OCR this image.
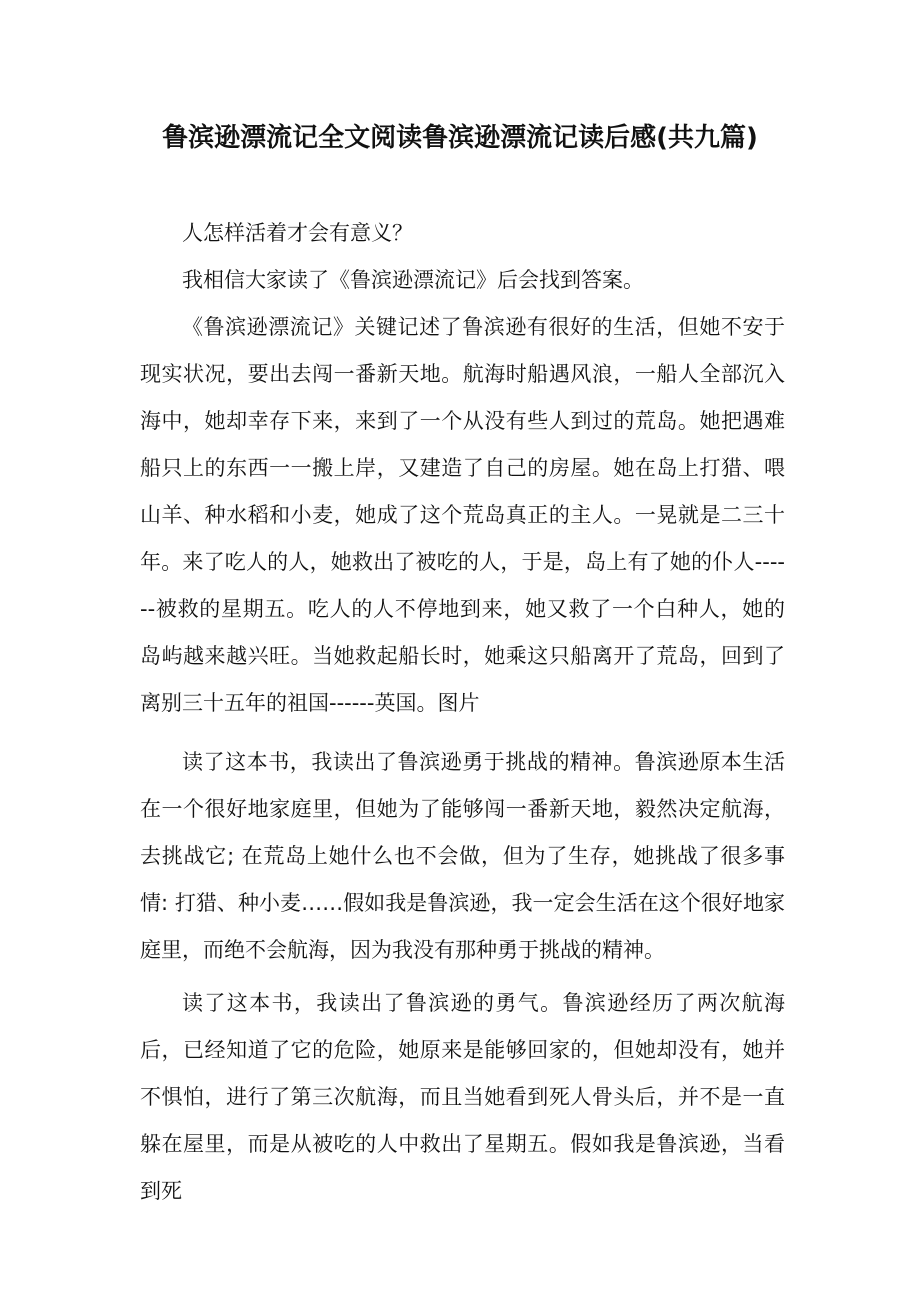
鲁滨逊漂流记全文阅读鲁滨逊漂流记读后感(共九篇)

人怎样活着才会有意义？

我相信大家读了《鲁滨逊漂流记》后会找到答案。

《鲁滨逊漂流记》关键记述了鲁滨逊有很好的生活，但她不安于现实状况，要出去闯一番新天地。航海时船遇风浪，一船人全部沉入海中，她却幸存下来，来到了一个从没有些人到过的荒岛。她把遇难船只上的东西一一搬上岸，又建造了自己的房屋。她在岛上打猎、喂山羊、种水稻和小麦，她成了这个荒岛真正的主人。一晃就是二三十年。来了吃人的人，她救出了被吃的人，于是，岛上有了她的仆人------被救的星期五。吃人的人不停地到来，她又救了一个白种人，她的岛屿越来越兴旺。当她救起船长时，她乘这只船离开了荒岛，回到了离别三十五年的祖国------英国。图片

读了这本书，我读出了鲁滨逊勇于挑战的精神。鲁滨逊原本生活在一个很好地家庭里，但她为了能够闯一番新天地，毅然决定航海，去挑战它; 在荒岛上她什么也不会做，但为了生存，她挑战了很多事情: 打猎、种小麦……假如我是鲁滨逊，我一定会生活在这个很好地家庭里，而绝不会航海，因为我没有那种勇于挑战的精神。

读了这本书，我读出了鲁滨逊的勇气。鲁滨逊经历了两次航海后，已经知道了它的危险，她原来是能够回家的，但她却没有，她并不惧怕，进行了第三次航海，而且当她看到死人骨头后，并不是一直躲在屋里，而是从被吃的人中救出了星期五。假如我是鲁滨逊，当看到死
